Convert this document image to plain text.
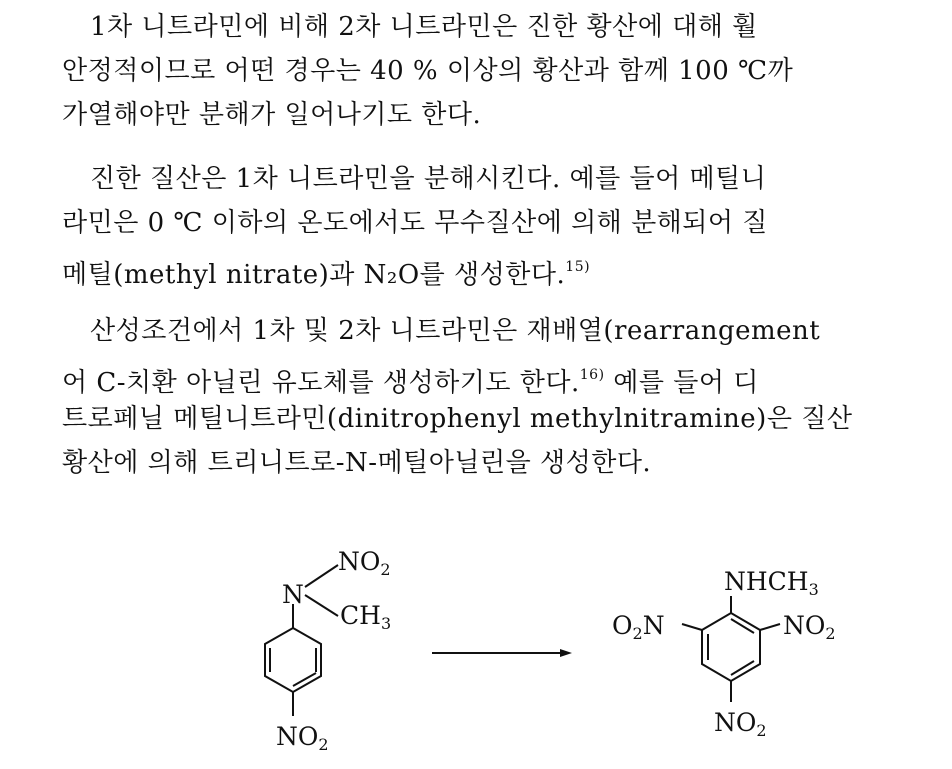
1차 니트라민에 비해 2차 니트라민은 진한 황산에 대해 훨
안정적이므로 어떤 경우는 40 % 이상의 황산과 함께 100 ℃까
가열해야만 분해가 일어나기도 한다.
진한 질산은 1차 니트라민을 분해시킨다. 예를 들어 메틸니
라민은 0 ℃ 이하의 온도에서도 무수질산에 의해 분해되어 질
메틸(methyl nitrate)과 N₂O를 생성한다.$^{15)}$
산성조건에서 1차 및 2차 니트라민은 재배열(rearrangement
어 C-치환 아닐린 유도체를 생성하기도 한다.$^{16)}$ 예를 들어 디
트로페닐 메틸니트라민(dinitrophenyl methylnitramine)은 질산
황산에 의해 트리니트로-N-메틸아닐린을 생성한다.
N
$NO_2$
$CH_3$
$NO_2$
$NHCH_3$
$O_2N$	$NO_2$
$NO_2$
